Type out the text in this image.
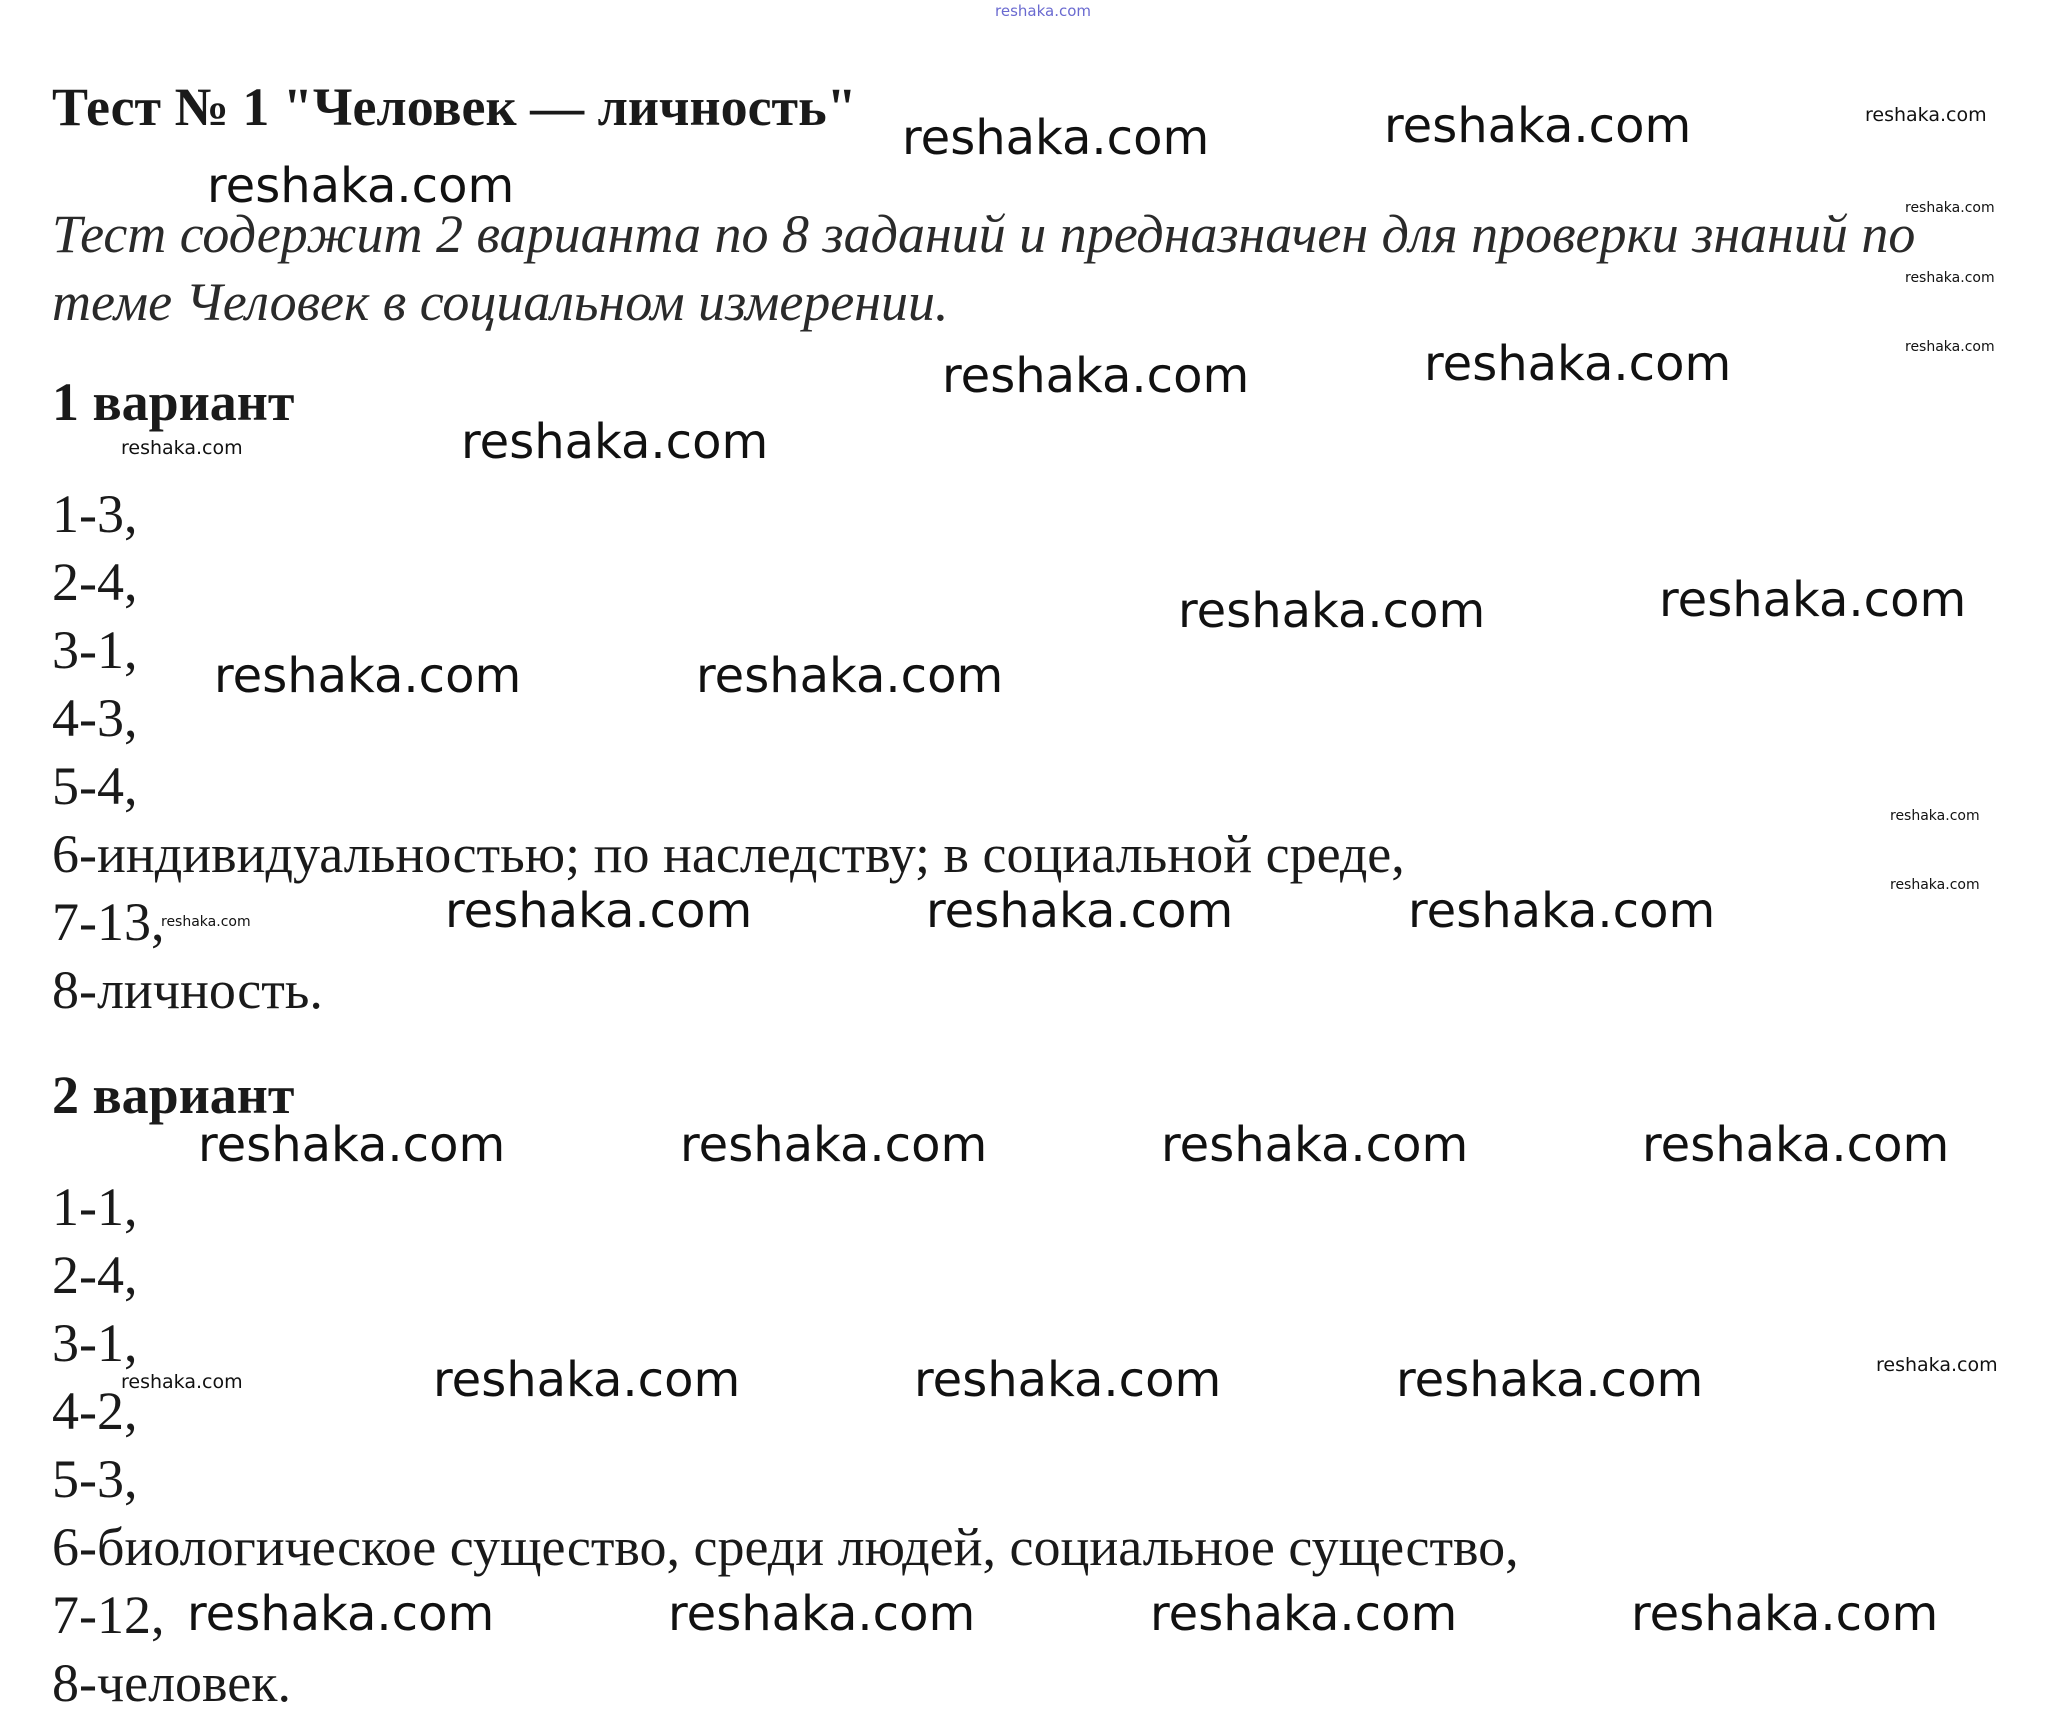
reshaka.com
Тест № 1 "Человек — личность"
Тест содержит 2 варианта по 8 заданий и предназначен для проверки знаний по теме Человек в социальном измерении.
1 вариант
1-3,
2-4,
3-1,
4-3,
5-4,
6-индивидуальностью; по наследству; в социальной среде,
7-13,
8-личность.
2 вариант
1-1,
2-4,
3-1,
4-2,
5-3,
6-биологическое существо, среди людей, социальное существо,
7-12,
8-человек.
reshaka.com	reshaka.com	reshaka.com
reshaka.com	reshaka.com
reshaka.com
reshaka.com
reshaka.com	reshaka.com
reshaka.com	reshaka.com
reshaka.com	reshaka.com
reshaka.com	reshaka.com
reshaka.com
reshaka.com
reshaka.com	reshaka.com	reshaka.com	reshaka.com
reshaka.com	reshaka.com	reshaka.com	reshaka.com
reshaka.com	reshaka.com	reshaka.com	reshaka.com	reshaka.com
reshaka.com	reshaka.com	reshaka.com	reshaka.com
